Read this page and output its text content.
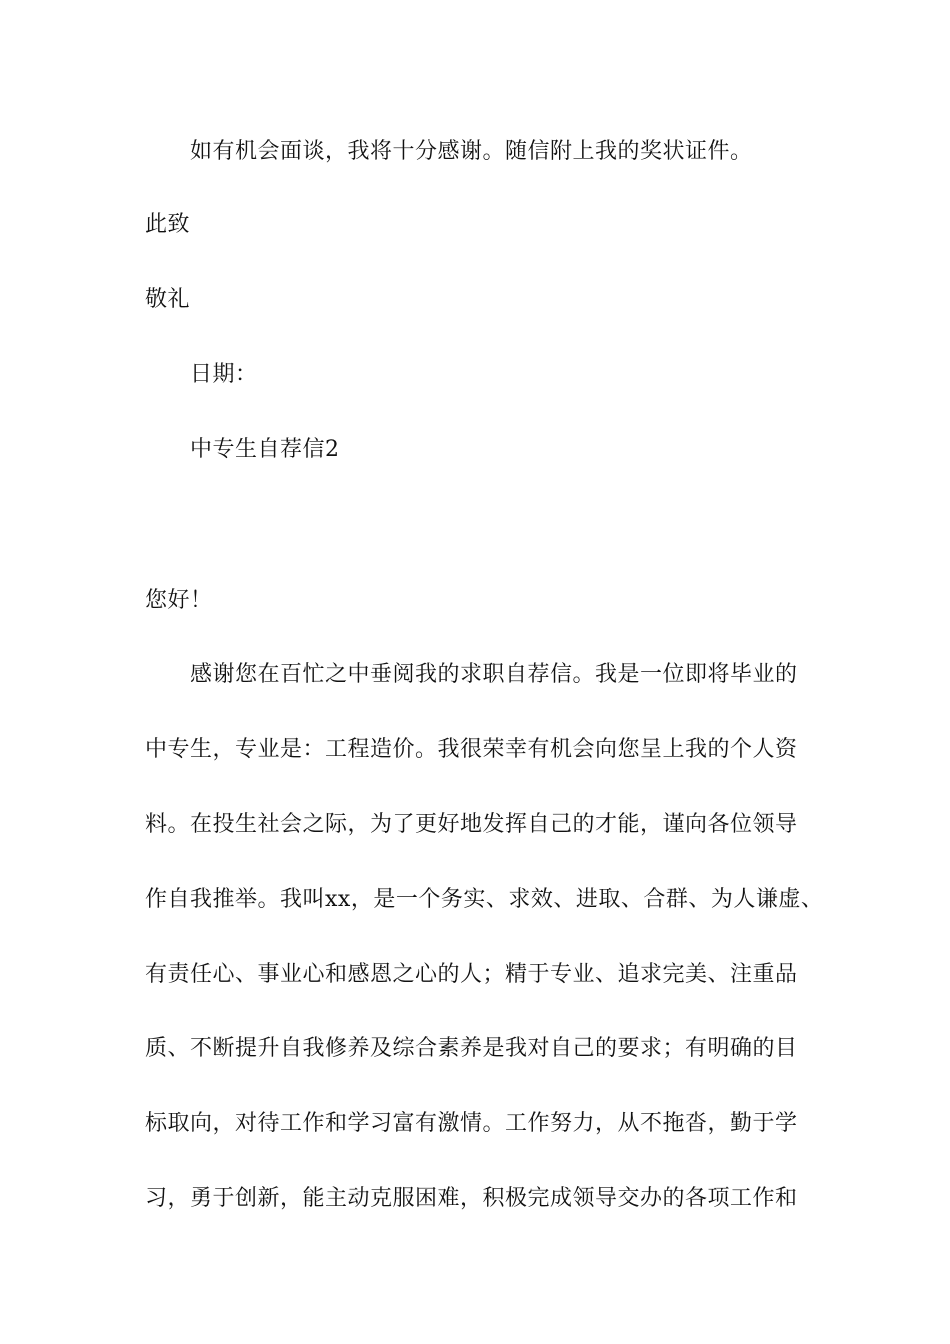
如有机会面谈，我将十分感谢。随信附上我的奖状证件。
此致
敬礼
日期：
中专生自荐信2
您好！
感谢您在百忙之中垂阅我的求职自荐信。我是一位即将毕业的
中专生，专业是：工程造价。我很荣幸有机会向您呈上我的个人资
料。在投生社会之际，为了更好地发挥自己的才能，谨向各位领导
作自我推举。我叫xx，是一个务实、求效、进取、合群、为人谦虚、
有责任心、事业心和感恩之心的人；精于专业、追求完美、注重品
质、不断提升自我修养及综合素养是我对自己的要求；有明确的目
标取向，对待工作和学习富有激情。工作努力，从不拖沓，勤于学
习，勇于创新，能主动克服困难，积极完成领导交办的各项工作和
